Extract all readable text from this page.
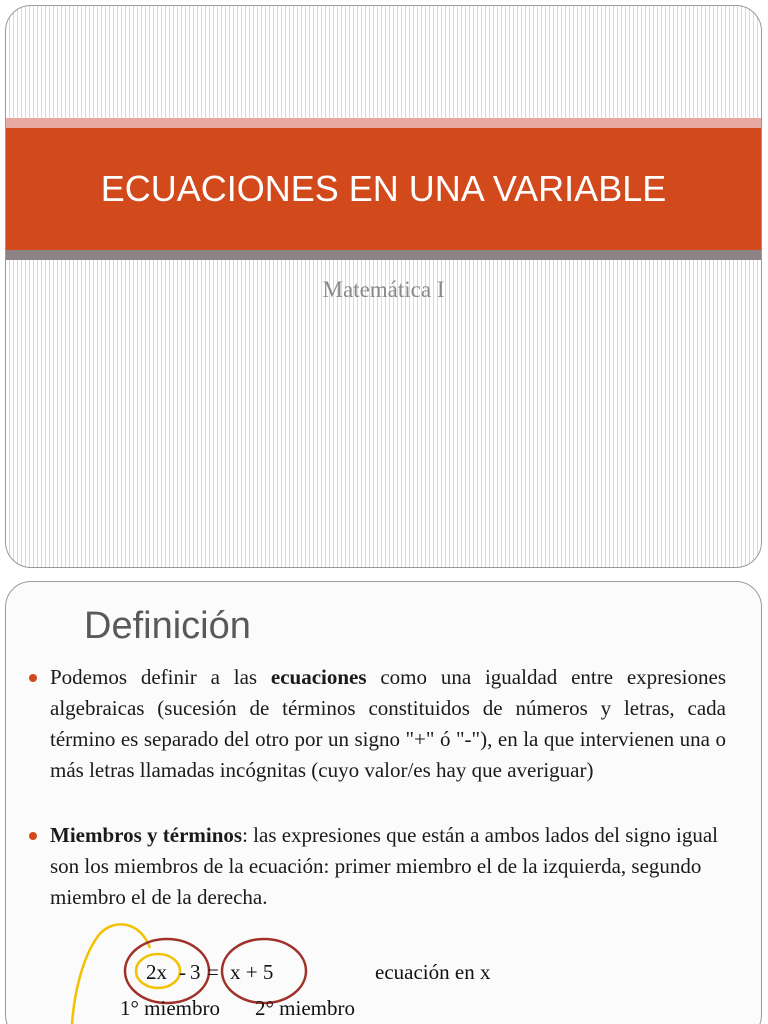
ECUACIONES EN UNA VARIABLE
Matemática I
Definición
Podemos definir a las ecuaciones como una igualdad entre expresiones algebraicas (sucesión de términos constituidos de números y letras, cada término es separado del otro por un signo "+" ó "-"), en la que intervienen una o más letras llamadas incógnitas (cuyo valor/es hay que averiguar)
Miembros y términos: las expresiones que están a ambos lados del signo igual son los miembros de la ecuación: primer miembro el de la izquierda, segundo miembro el de la derecha.
2x - 3 = x + 5	ecuación en x
1° miembro 2° miembro
